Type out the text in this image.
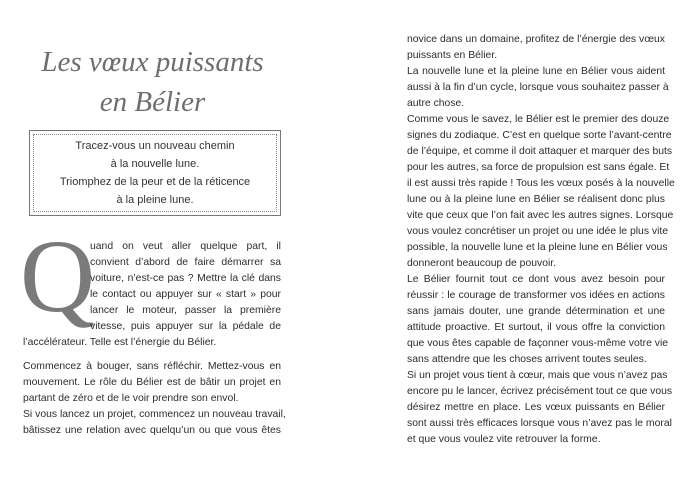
Les vœux puissants
en Bélier
Tracez-vous un nouveau chemin
à la nouvelle lune.
Triomphez de la peur et de la réticence
à la pleine lune.
Q
uand on veut aller quelque part, il
convient d’abord de faire démarrer sa
voiture, n’est-ce pas ? Mettre la clé dans
le contact ou appuyer sur « start » pour
lancer le moteur, passer la première
vitesse, puis appuyer sur la pédale de
l’accélérateur. Telle est l’énergie du Bélier.
Commencez à bouger, sans réfléchir. Mettez-vous en
mouvement. Le rôle du Bélier est de bâtir un projet en
partant de zéro et de le voir prendre son envol.
Si vous lancez un projet, commencez un nouveau travail,
bâtissez une relation avec quelqu’un ou que vous êtes
novice dans un domaine, profitez de l’énergie des vœux
puissants en Bélier.
La nouvelle lune et la pleine lune en Bélier vous aident
aussi à la fin d’un cycle, lorsque vous souhaitez passer à
autre chose.
Comme vous le savez, le Bélier est le premier des douze
signes du zodiaque. C’est en quelque sorte l’avant-centre
de l’équipe, et comme il doit attaquer et marquer des buts
pour les autres, sa force de propulsion est sans égale. Et
il est aussi très rapide ! Tous les vœux posés à la nouvelle
lune ou à la pleine lune en Bélier se réalisent donc plus
vite que ceux que l’on fait avec les autres signes. Lorsque
vous voulez concrétiser un projet ou une idée le plus vite
possible, la nouvelle lune et la pleine lune en Bélier vous
donneront beaucoup de pouvoir.
Le Bélier fournit tout ce dont vous avez besoin pour
réussir : le courage de transformer vos idées en actions
sans jamais douter, une grande détermination et une
attitude proactive. Et surtout, il vous offre la conviction
que vous êtes capable de façonner vous-même votre vie
sans attendre que les choses arrivent toutes seules.
Si un projet vous tient à cœur, mais que vous n’avez pas
encore pu le lancer, écrivez précisément tout ce que vous
désirez mettre en place. Les vœux puissants en Bélier
sont aussi très efficaces lorsque vous n’avez pas le moral
et que vous voulez vite retrouver la forme.
